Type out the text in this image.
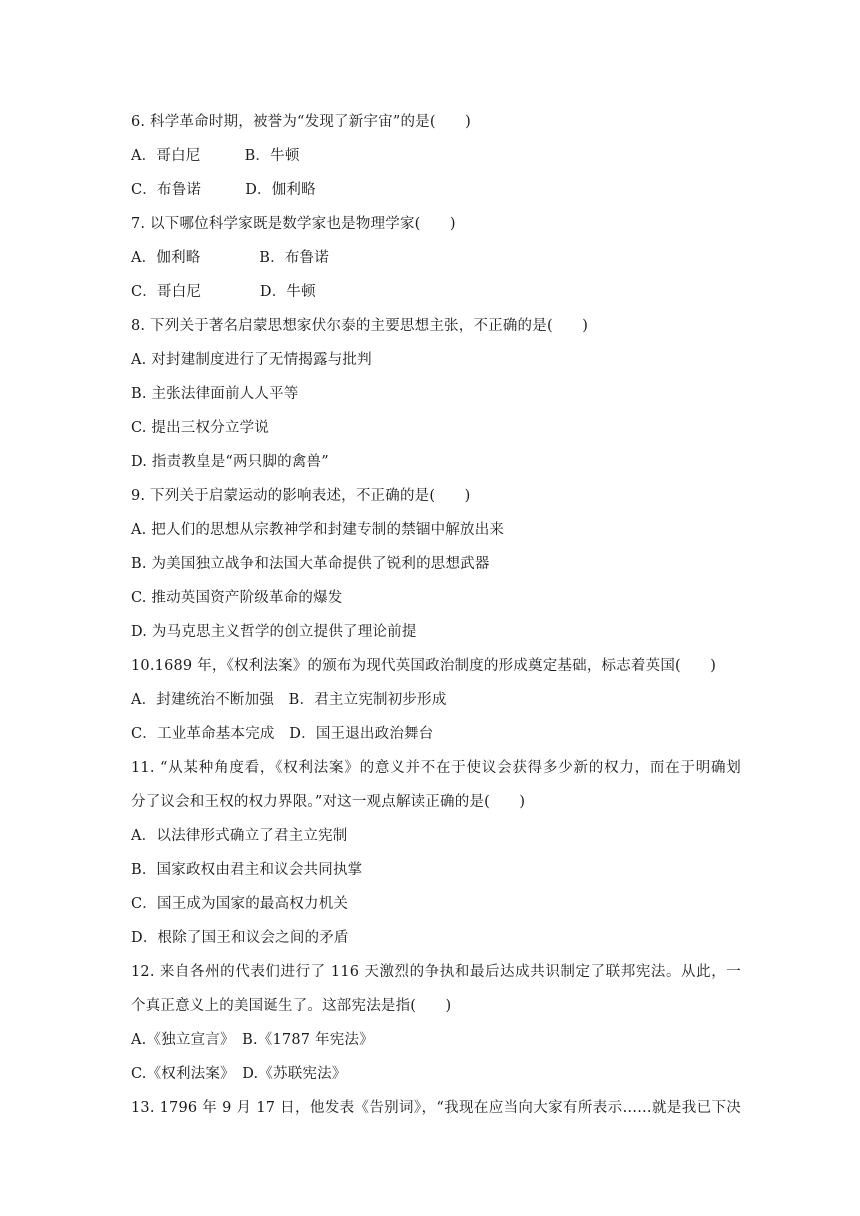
6. 科学革命时期，被誉为“发现了新宇宙”的是(　　)
A．哥白尼　　　B．牛顿
C．布鲁诺　　　D．伽利略
7. 以下哪位科学家既是数学家也是物理学家(　　)
A．伽利略　　　　B．布鲁诺
C．哥白尼　　　　D．牛顿
8. 下列关于著名启蒙思想家伏尔泰的主要思想主张，不正确的是(　　)
A. 对封建制度进行了无情揭露与批判
B. 主张法律面前人人平等
C. 提出三权分立学说
D. 指责教皇是“两只脚的禽兽”
9. 下列关于启蒙运动的影响表述，不正确的是(　　)
A. 把人们的思想从宗教神学和封建专制的禁锢中解放出来
B. 为美国独立战争和法国大革命提供了锐利的思想武器
C. 推动英国资产阶级革命的爆发
D. 为马克思主义哲学的创立提供了理论前提
10.1689 年，《权利法案》的颁布为现代英国政治制度的形成奠定基础，标志着英国(　　)
A．封建统治不断加强　B．君主立宪制初步形成
C．工业革命基本完成　D．国王退出政治舞台
11. “从某种角度看，《权利法案》的意义并不在于使议会获得多少新的权力，而在于明确划
分了议会和王权的权力界限。”对这一观点解读正确的是(　　)
A．以法律形式确立了君主立宪制
B．国家政权由君主和议会共同执掌
C．国王成为国家的最高权力机关
D．根除了国王和议会之间的矛盾
12. 来自各州的代表们进行了 116 天激烈的争执和最后达成共识制定了联邦宪法。从此，一
个真正意义上的美国诞生了。这部宪法是指(　　)
A.《独立宣言》　B.《1787 年宪法》
C.《权利法案》　D.《苏联宪法》
13. 1796 年 9 月 17 日，他发表《告别词》，“我现在应当向大家有所表示……就是我已下决
